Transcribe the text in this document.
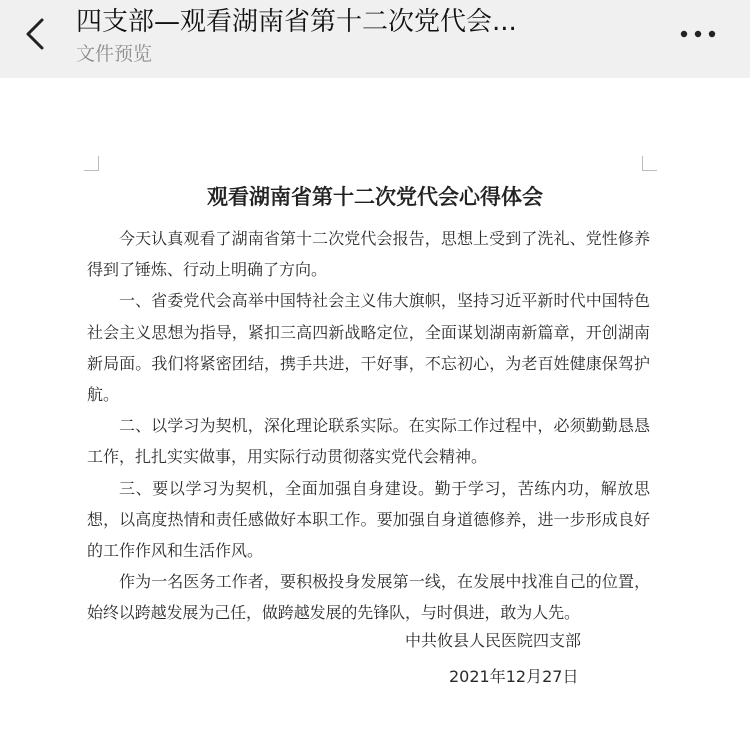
四支部—观看湖南省第十二次党代会...
文件预览
观看湖南省第十二次党代会心得体会

今天认真观看了湖南省第十二次党代会报告，思想上受到了洗礼、党性修养得到了锤炼、行动上明确了方向。

一、省委党代会高举中国特社会主义伟大旗帜，坚持习近平新时代中国特色社会主义思想为指导，紧扣三高四新战略定位，全面谋划湖南新篇章，开创湖南新局面。我们将紧密团结，携手共进，干好事，不忘初心，为老百姓健康保驾护航。

二、以学习为契机，深化理论联系实际。在实际工作过程中，必须勤勤恳恳工作，扎扎实实做事，用实际行动贯彻落实党代会精神。

三、要以学习为契机，全面加强自身建设。勤于学习，苦练内功，解放思想，以高度热情和责任感做好本职工作。要加强自身道德修养，进一步形成良好的工作作风和生活作风。

作为一名医务工作者，要积极投身发展第一线，在发展中找准自己的位置，始终以跨越发展为己任，做跨越发展的先锋队，与时俱进，敢为人先。

中共攸县人民医院四支部

2021年12月27日
